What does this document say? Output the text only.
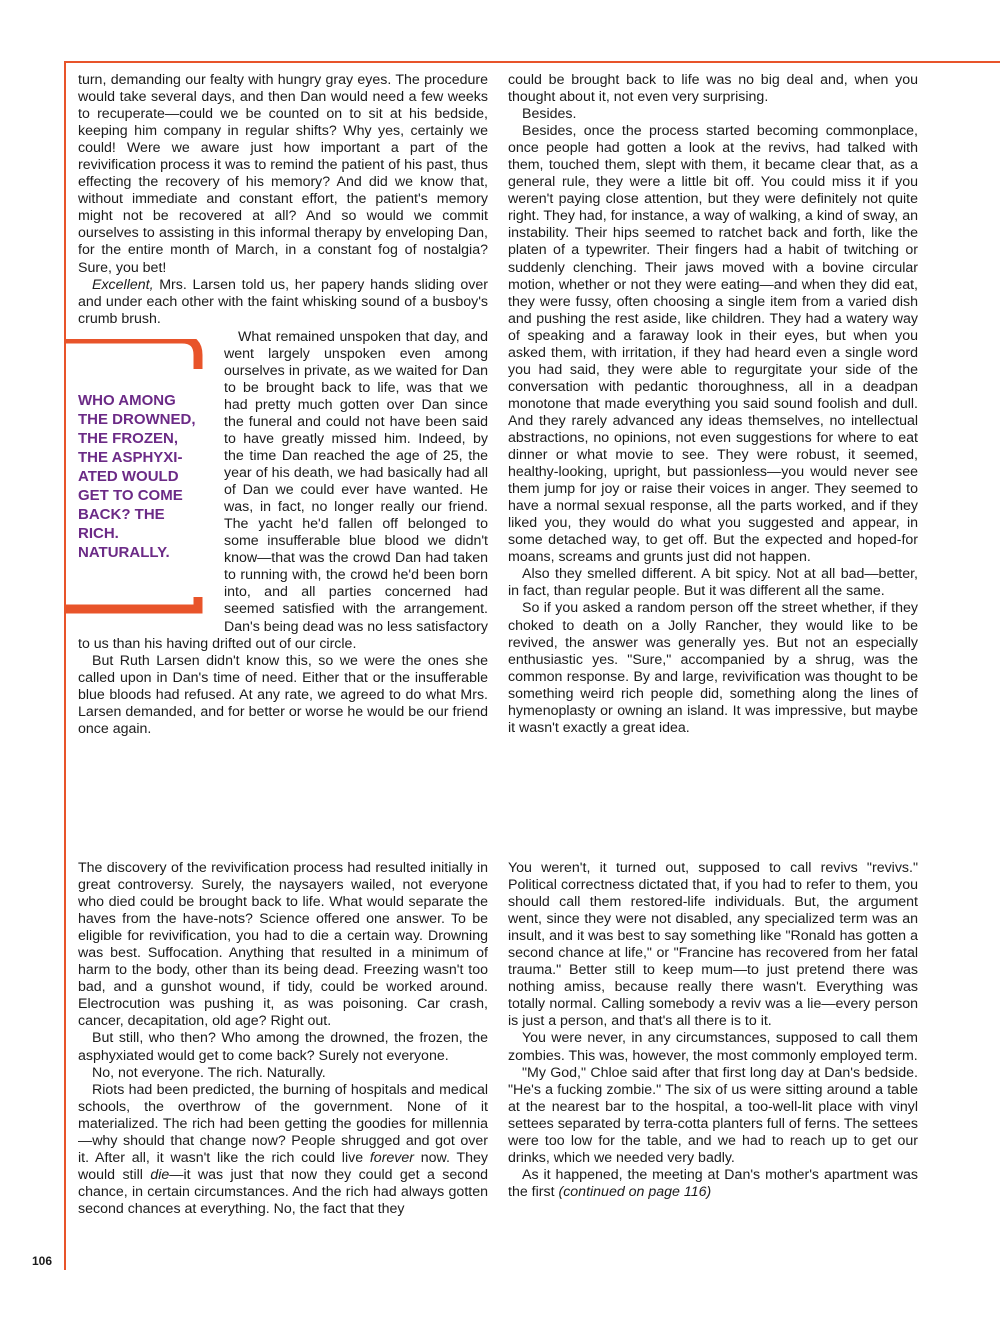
turn, demanding our fealty with hungry gray eyes. The procedure would take several days, and then Dan would need a few weeks to recuperate—could we be counted on to sit at his bedside, keeping him company in regular shifts? Why yes, certainly we could! Were we aware just how important a part of the revivification process it was to remind the patient of his past, thus effecting the recovery of his memory? And did we know that, without immediate and constant effort, the patient's memory might not be recovered at all? And so would we commit ourselves to assisting in this informal therapy by enveloping Dan, for the entire month of March, in a constant fog of nostalgia? Sure, you bet!

Excellent, Mrs. Larsen told us, her papery hands sliding over and under each other with the faint whisking sound of a busboy's crumb brush.

WHO AMONG THE DROWNED, THE FROZEN, THE ASPHYXI-ATED WOULD GET TO COME BACK? THE RICH. NATURALLY.

What remained unspoken that day, and went largely unspoken even among ourselves in private, as we waited for Dan to be brought back to life, was that we had pretty much gotten over Dan since the funeral and could not have been said to have greatly missed him. Indeed, by the time Dan reached the age of 25, the year of his death, we had basically had all of Dan we could ever have wanted. He was, in fact, no longer really our friend. The yacht he'd fallen off belonged to some insufferable blue blood we didn't know—that was the crowd Dan had taken to running with, the crowd he'd been born into, and all parties concerned had seemed satisfied with the arrangement. Dan's being dead was no less satisfactory to us than his having drifted out of our circle.

But Ruth Larsen didn't know this, so we were the ones she called upon in Dan's time of need. Either that or the insufferable blue bloods had refused. At any rate, we agreed to do what Mrs. Larsen demanded, and for better or worse he would be our friend once again.

The discovery of the revivification process had resulted initially in great controversy. Surely, the naysayers wailed, not everyone who died could be brought back to life. What would separate the haves from the have-nots? Science offered one answer. To be eligible for revivification, you had to die a certain way. Drowning was best. Suffocation. Anything that resulted in a minimum of harm to the body, other than its being dead. Freezing wasn't too bad, and a gunshot wound, if tidy, could be worked around. Electrocution was pushing it, as was poisoning. Car crash, cancer, decapitation, old age? Right out.

But still, who then? Who among the drowned, the frozen, the asphyxiated would get to come back? Surely not everyone.

No, not everyone. The rich. Naturally.

Riots had been predicted, the burning of hospitals and medical schools, the overthrow of the government. None of it materialized. The rich had been getting the goodies for millennia—why should that change now? People shrugged and got over it. After all, it wasn't like the rich could live forever now. They would still die—it was just that now they could get a second chance, in certain circumstances. And the rich had always gotten second chances at everything. No, the fact that they

could be brought back to life was no big deal and, when you thought about it, not even very surprising.

Besides.

Besides, once the process started becoming commonplace, once people had gotten a look at the revivs, had talked with them, touched them, slept with them, it became clear that, as a general rule, they were a little bit off. You could miss it if you weren't paying close attention, but they were definitely not quite right. They had, for instance, a way of walking, a kind of sway, an instability. Their hips seemed to ratchet back and forth, like the platen of a typewriter. Their fingers had a habit of twitching or suddenly clenching. Their jaws moved with a bovine circular motion, whether or not they were eating—and when they did eat, they were fussy, often choosing a single item from a varied dish and pushing the rest aside, like children. They had a watery way of speaking and a faraway look in their eyes, but when you asked them, with irritation, if they had heard even a single word you had said, they were able to regurgitate your side of the conversation with pedantic thoroughness, all in a deadpan monotone that made everything you said sound foolish and dull. And they rarely advanced any ideas themselves, no intellectual abstractions, no opinions, not even suggestions for where to eat dinner or what movie to see. They were robust, it seemed, healthy-looking, upright, but passionless—you would never see them jump for joy or raise their voices in anger. They seemed to have a normal sexual response, all the parts worked, and if they liked you, they would do what you suggested and appear, in some detached way, to get off. But the expected and hoped-for moans, screams and grunts just did not happen.

Also they smelled different. A bit spicy. Not at all bad—better, in fact, than regular people. But it was different all the same.

So if you asked a random person off the street whether, if they choked to death on a Jolly Rancher, they would like to be revived, the answer was generally yes. But not an especially enthusiastic yes. "Sure," accompanied by a shrug, was the common response. By and large, revivification was thought to be something weird rich people did, something along the lines of hymenoplasty or owning an island. It was impressive, but maybe it wasn't exactly a great idea.

You weren't, it turned out, supposed to call revivs "revivs." Political correctness dictated that, if you had to refer to them, you should call them restored-life individuals. But, the argument went, since they were not disabled, any specialized term was an insult, and it was best to say something like "Ronald has gotten a second chance at life," or "Francine has recovered from her fatal trauma." Better still to keep mum—to just pretend there was nothing amiss, because really there wasn't. Everything was totally normal. Calling somebody a reviv was a lie—every person is just a person, and that's all there is to it.

You were never, in any circumstances, supposed to call them zombies. This was, however, the most commonly employed term.

"My God," Chloe said after that first long day at Dan's bedside. "He's a fucking zombie." The six of us were sitting around a table at the nearest bar to the hospital, a too-well-lit place with vinyl settees separated by terra-cotta planters full of ferns. The settees were too low for the table, and we had to reach up to get our drinks, which we needed very badly.

As it happened, the meeting at Dan's mother's apartment was the first (continued on page 116)

106
